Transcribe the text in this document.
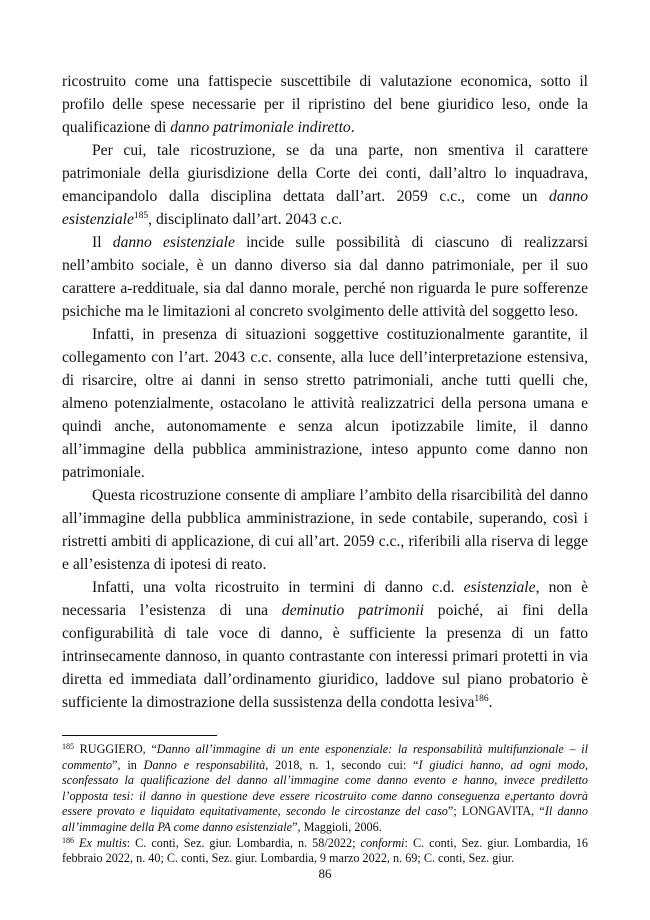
ricostruito come una fattispecie suscettibile di valutazione economica, sotto il profilo delle spese necessarie per il ripristino del bene giuridico leso, onde la qualificazione di danno patrimoniale indiretto.

Per cui, tale ricostruzione, se da una parte, non smentiva il carattere patrimoniale della giurisdizione della Corte dei conti, dall’altro lo inquadrava, emancipandolo dalla disciplina dettata dall’art. 2059 c.c., come un danno esistenziale$^{185}$, disciplinato dall’art. 2043 c.c.

Il danno esistenziale incide sulle possibilità di ciascuno di realizzarsi nell’ambito sociale, è un danno diverso sia dal danno patrimoniale, per il suo carattere a-reddituale, sia dal danno morale, perché non riguarda le pure sofferenze psichiche ma le limitazioni al concreto svolgimento delle attività del soggetto leso.

Infatti, in presenza di situazioni soggettive costituzionalmente garantite, il collegamento con l’art. 2043 c.c. consente, alla luce dell’interpretazione estensiva, di risarcire, oltre ai danni in senso stretto patrimoniali, anche tutti quelli che, almeno potenzialmente, ostacolano le attività realizzatrici della persona umana e quindi anche, autonomamente e senza alcun ipotizzabile limite, il danno all’immagine della pubblica amministrazione, inteso appunto come danno non patrimoniale.

Questa ricostruzione consente di ampliare l’ambito della risarcibilità del danno all’immagine della pubblica amministrazione, in sede contabile, superando, così i ristretti ambiti di applicazione, di cui all’art. 2059 c.c., riferibili alla riserva di legge e all’esistenza di ipotesi di reato.

Infatti, una volta ricostruito in termini di danno c.d. esistenziale, non è necessaria l’esistenza di una deminutio patrimonii poiché, ai fini della configurabilità di tale voce di danno, è sufficiente la presenza di un fatto intrinsecamente dannoso, in quanto contrastante con interessi primari protetti in via diretta ed immediata dall’ordinamento giuridico, laddove sul piano probatorio è sufficiente la dimostrazione della sussistenza della condotta lesiva$^{186}$.

$^{185}$ RUGGIERO, “Danno all’immagine di un ente esponenziale: la responsabilità multifunzionale – il commento”, in Danno e responsabilità, 2018, n. 1, secondo cui: “I giudici hanno, ad ogni modo, sconfessato la qualificazione del danno all’immagine come danno evento e hanno, invece prediletto l’opposta tesi: il danno in questione deve essere ricostruito come danno conseguenza e,pertanto dovrà essere provato e liquidato equitativamente, secondo le circostanze del caso”; LONGAVITA, “Il danno all’immagine della PA come danno esistenziale”, Maggioli, 2006.

$^{186}$ Ex multis: C. conti, Sez. giur. Lombardia, n. 58/2022; conformi: C. conti, Sez. giur. Lombardia, 16 febbraio 2022, n. 40; C. conti, Sez. giur. Lombardia, 9 marzo 2022, n. 69; C. conti, Sez. giur.

86
